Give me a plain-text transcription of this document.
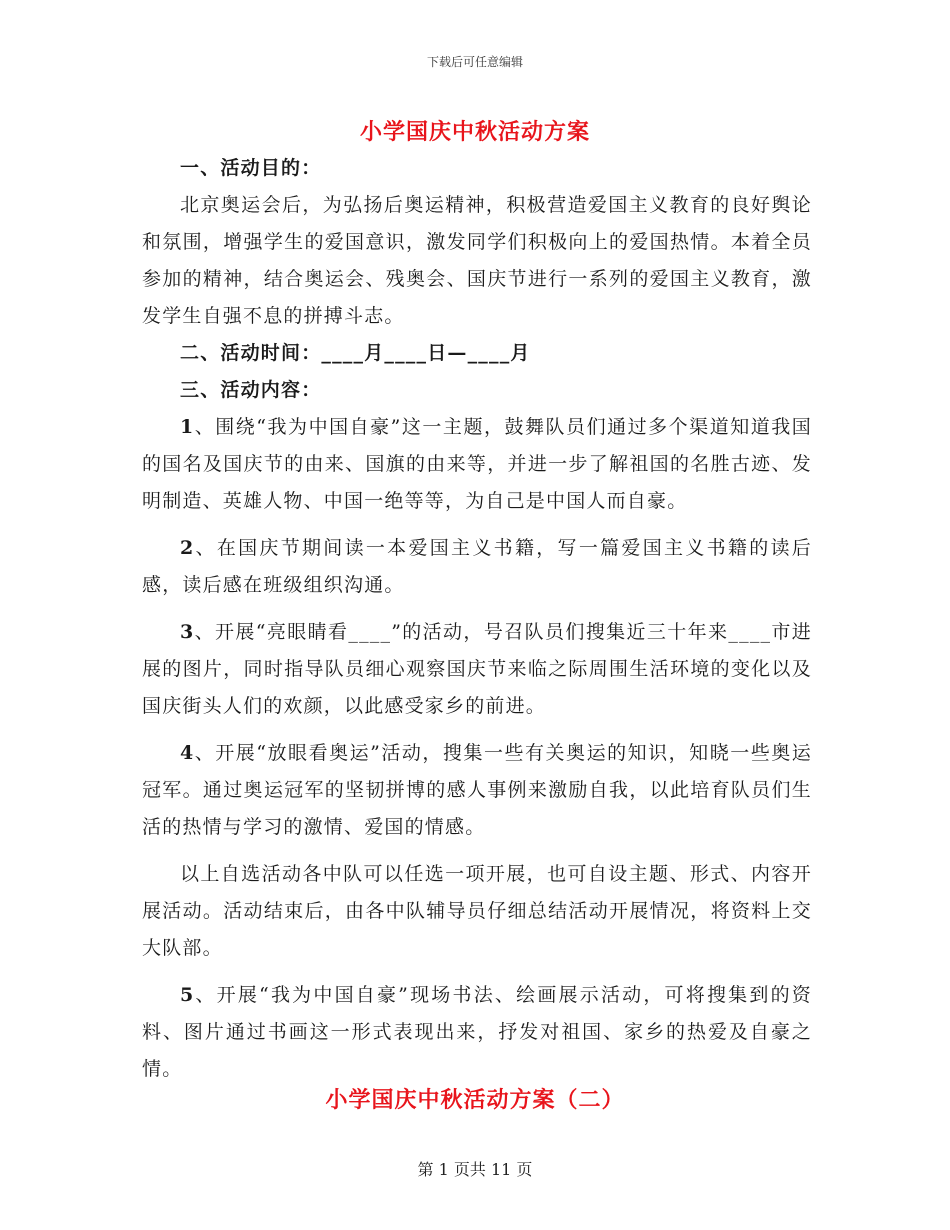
下载后可任意编辑
小学国庆中秋活动方案

一、活动目的：

北京奥运会后，为弘扬后奥运精神，积极营造爱国主义教育的良好舆论和氛围，增强学生的爱国意识，激发同学们积极向上的爱国热情。本着全员参加的精神，结合奥运会、残奥会、国庆节进行一系列的爱国主义教育，激发学生自强不息的拼搏斗志。

二、活动时间：____月____日—____月

三、活动内容：

1、围绕“我为中国自豪”这一主题，鼓舞队员们通过多个渠道知道我国的国名及国庆节的由来、国旗的由来等，并进一步了解祖国的名胜古迹、发明制造、英雄人物、中国一绝等等，为自己是中国人而自豪。

2、在国庆节期间读一本爱国主义书籍，写一篇爱国主义书籍的读后感，读后感在班级组织沟通。

3、开展“亮眼睛看____”的活动，号召队员们搜集近三十年来____市进展的图片，同时指导队员细心观察国庆节来临之际周围生活环境的变化以及国庆街头人们的欢颜，以此感受家乡的前进。

4、开展“放眼看奥运”活动，搜集一些有关奥运的知识，知晓一些奥运冠军。通过奥运冠军的坚韧拼博的感人事例来激励自我，以此培育队员们生活的热情与学习的激情、爱国的情感。

以上自选活动各中队可以任选一项开展，也可自设主题、形式、内容开展活动。活动结束后，由各中队辅导员仔细总结活动开展情况，将资料上交大队部。

5、开展“我为中国自豪”现场书法、绘画展示活动，可将搜集到的资料、图片通过书画这一形式表现出来，抒发对祖国、家乡的热爱及自豪之情。

小学国庆中秋活动方案（二）
第 1 页共 11 页
